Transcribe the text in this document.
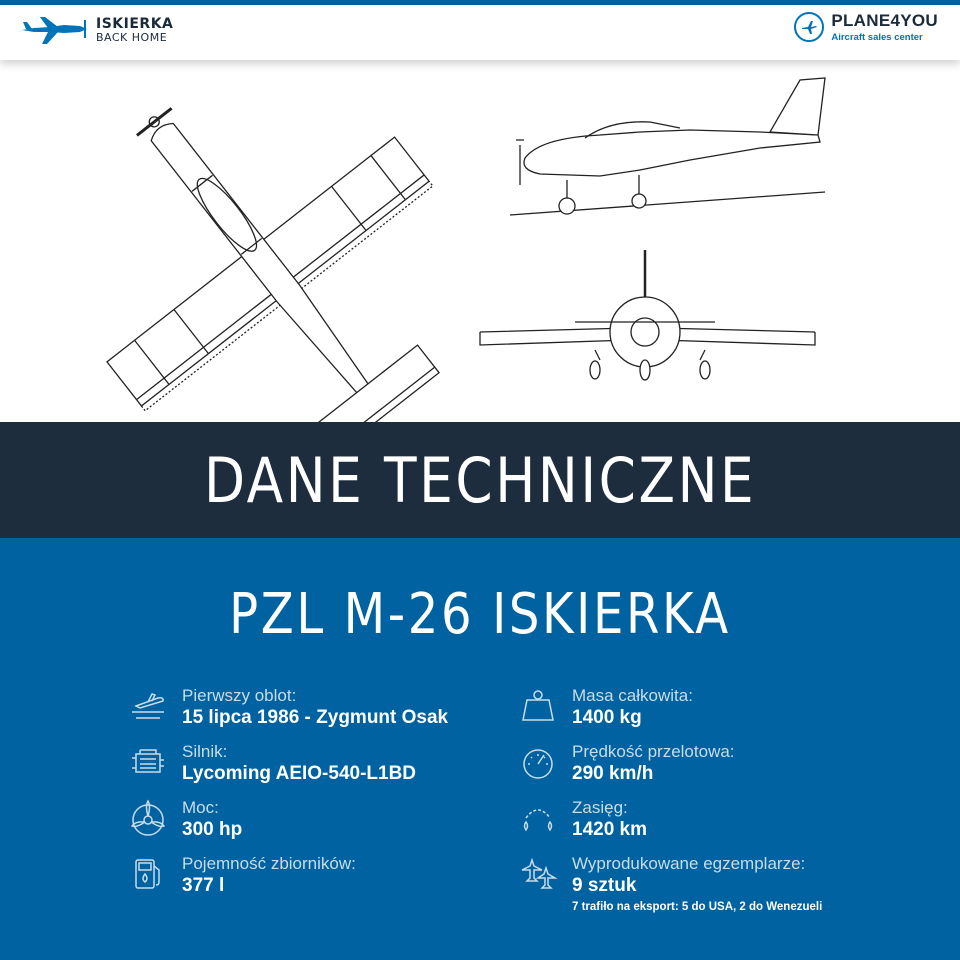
ISKIERKA
BACK HOME
PLANE4YOU
Aircraft sales center
DANE TECHNICZNE
PZL M-26 ISKIERKA
Pierwszy oblot:
15 lipca 1986 - Zygmunt Osak
Silnik:
Lycoming AEIO-540-L1BD
Moc:
300 hp
Pojemność zbiorników:
377 l
Masa całkowita:
1400 kg
Prędkość przelotowa:
290 km/h
Zasięg:
1420 km
Wyprodukowane egzemplarze:
9 sztuk
7 trafiło na eksport: 5 do USA, 2 do Wenezueli
